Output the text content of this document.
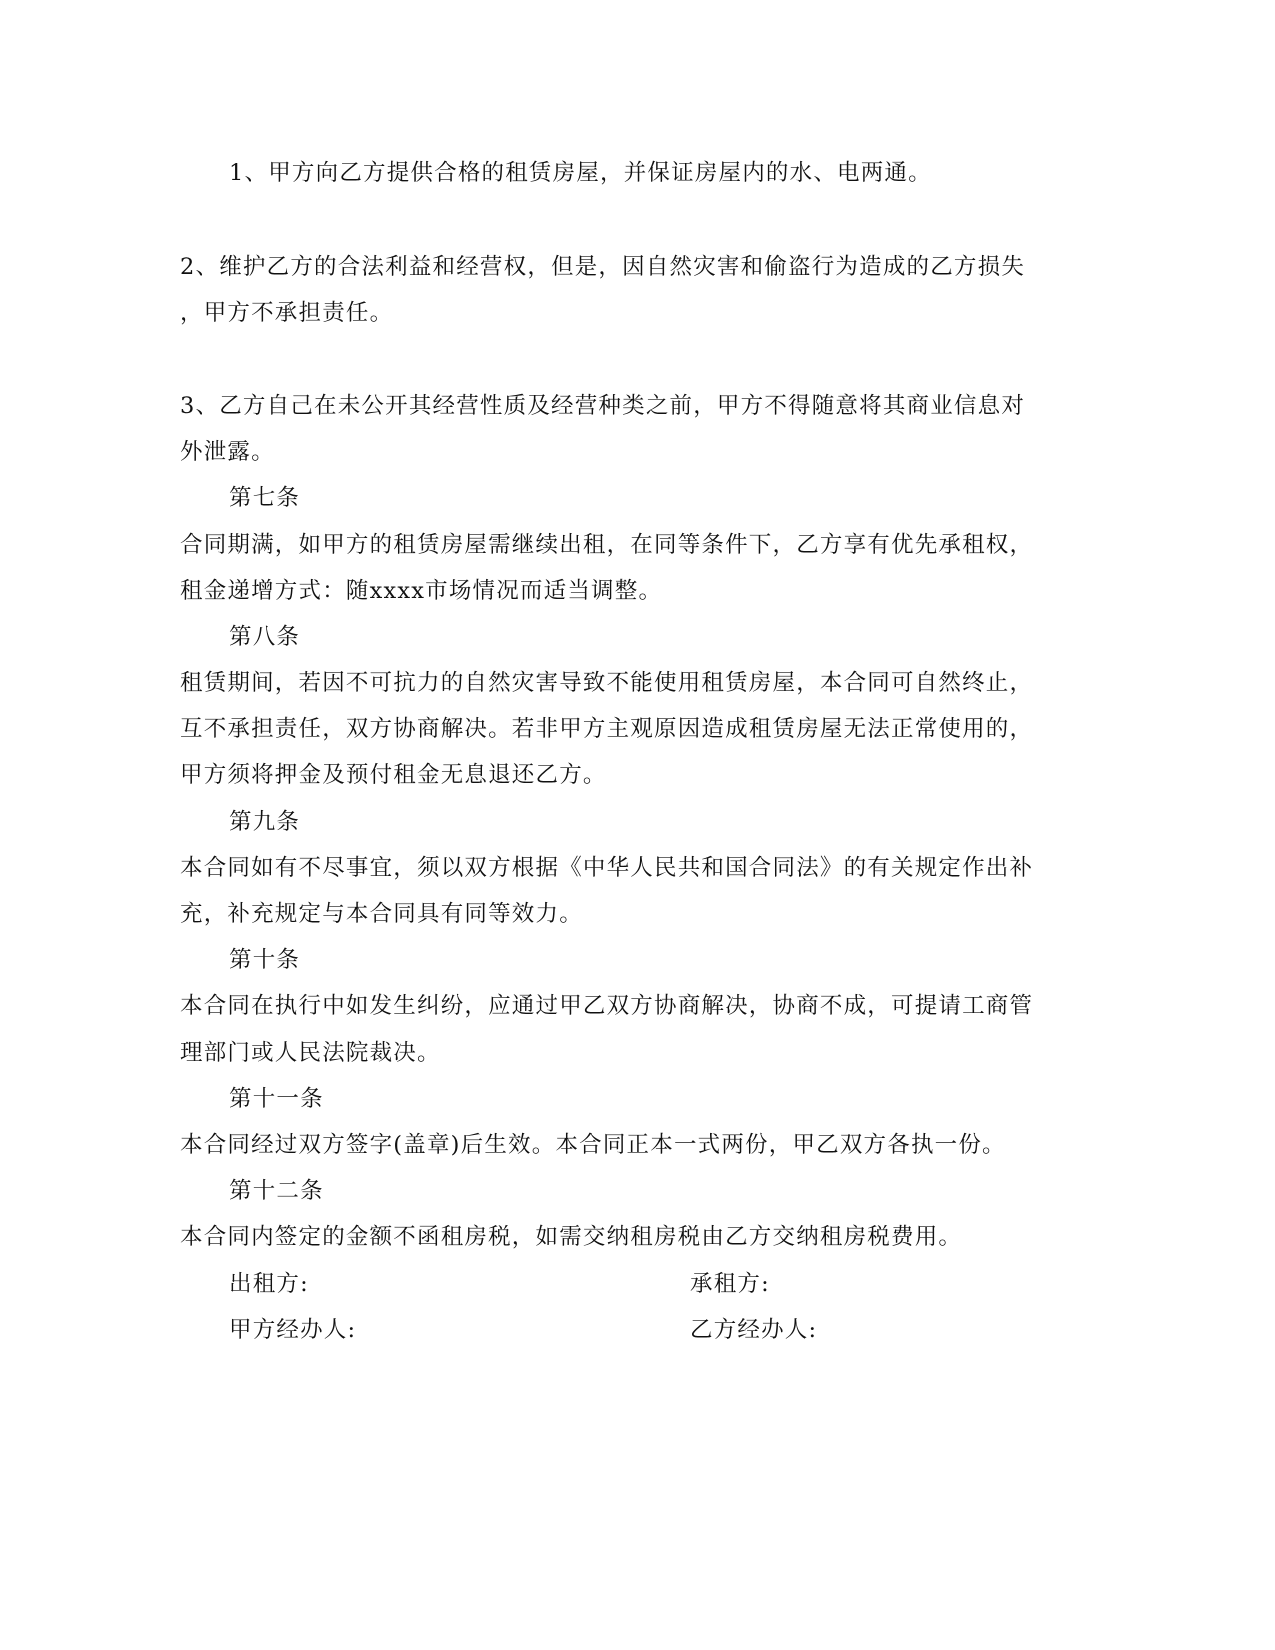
1、甲方向乙方提供合格的租赁房屋，并保证房屋内的水、电两通。
2、维护乙方的合法利益和经营权，但是，因自然灾害和偷盗行为造成的乙方损失
，甲方不承担责任。
3、乙方自己在未公开其经营性质及经营种类之前，甲方不得随意将其商业信息对
外泄露。
第七条
合同期满，如甲方的租赁房屋需继续出租，在同等条件下，乙方享有优先承租权，
租金递增方式：随xxxx市场情况而适当调整。
第八条
租赁期间，若因不可抗力的自然灾害导致不能使用租赁房屋，本合同可自然终止，
互不承担责任，双方协商解决。若非甲方主观原因造成租赁房屋无法正常使用的，
甲方须将押金及预付租金无息退还乙方。
第九条
本合同如有不尽事宜，须以双方根据《中华人民共和国合同法》的有关规定作出补
充，补充规定与本合同具有同等效力。
第十条
本合同在执行中如发生纠纷，应通过甲乙双方协商解决，协商不成，可提请工商管
理部门或人民法院裁决。
第十一条
本合同经过双方签字(盖章)后生效。本合同正本一式两份，甲乙双方各执一份。
第十二条
本合同内签定的金额不函租房税，如需交纳租房税由乙方交纳租房税费用。
出租方:	承租方:
甲方经办人:	乙方经办人:
